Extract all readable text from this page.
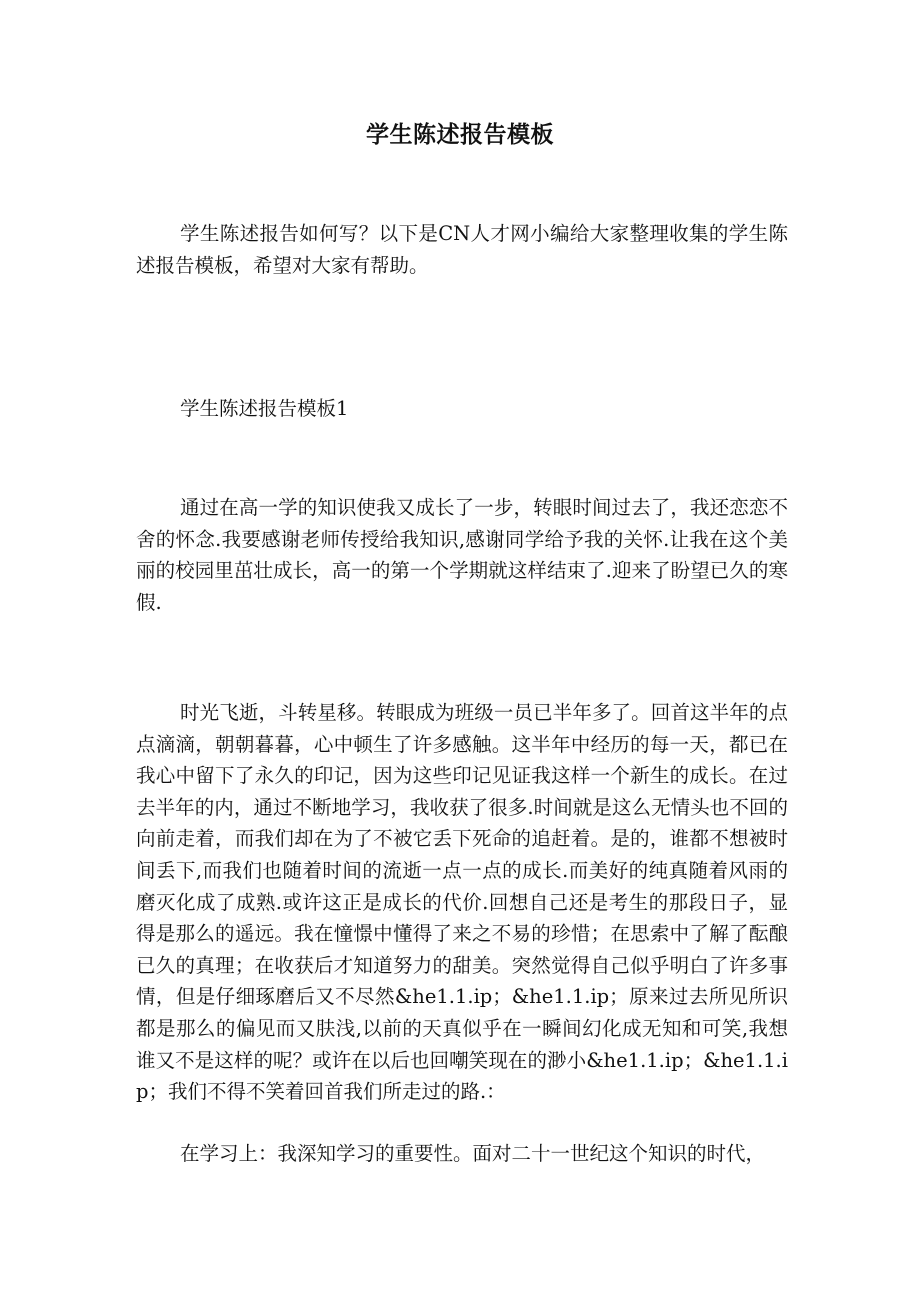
学生陈述报告模板

学生陈述报告如何写？以下是CN人才网小编给大家整理收集的学生陈述报告模板，希望对大家有帮助。

学生陈述报告模板1

通过在高一学的知识使我又成长了一步，转眼时间过去了，我还恋恋不舍的怀念.我要感谢老师传授给我知识,感谢同学给予我的关怀.让我在这个美丽的校园里茁壮成长，高一的第一个学期就这样结束了.迎来了盼望已久的寒假.

时光飞逝，斗转星移。转眼成为班级一员已半年多了。回首这半年的点点滴滴，朝朝暮暮，心中顿生了许多感触。这半年中经历的每一天，都已在我心中留下了永久的印记，因为这些印记见证我这样一个新生的成长。在过去半年的内，通过不断地学习，我收获了很多.时间就是这么无情头也不回的向前走着，而我们却在为了不被它丢下死命的追赶着。是的，谁都不想被时间丢下,而我们也随着时间的流逝一点一点的成长.而美好的纯真随着风雨的磨灭化成了成熟.或许这正是成长的代价.回想自己还是考生的那段日子，显得是那么的遥远。我在憧憬中懂得了来之不易的珍惜；在思索中了解了酝酿已久的真理；在收获后才知道努力的甜美。突然觉得自己似乎明白了许多事情，但是仔细琢磨后又不尽然&he1.1.ip；&he1.1.ip；原来过去所见所识都是那么的偏见而又肤浅,以前的天真似乎在一瞬间幻化成无知和可笑,我想谁又不是这样的呢？或许在以后也回嘲笑现在的渺小&he1.1.ip；&he1.1.ip；我们不得不笑着回首我们所走过的路.：

在学习上：我深知学习的重要性。面对二十一世纪这个知识的时代，
